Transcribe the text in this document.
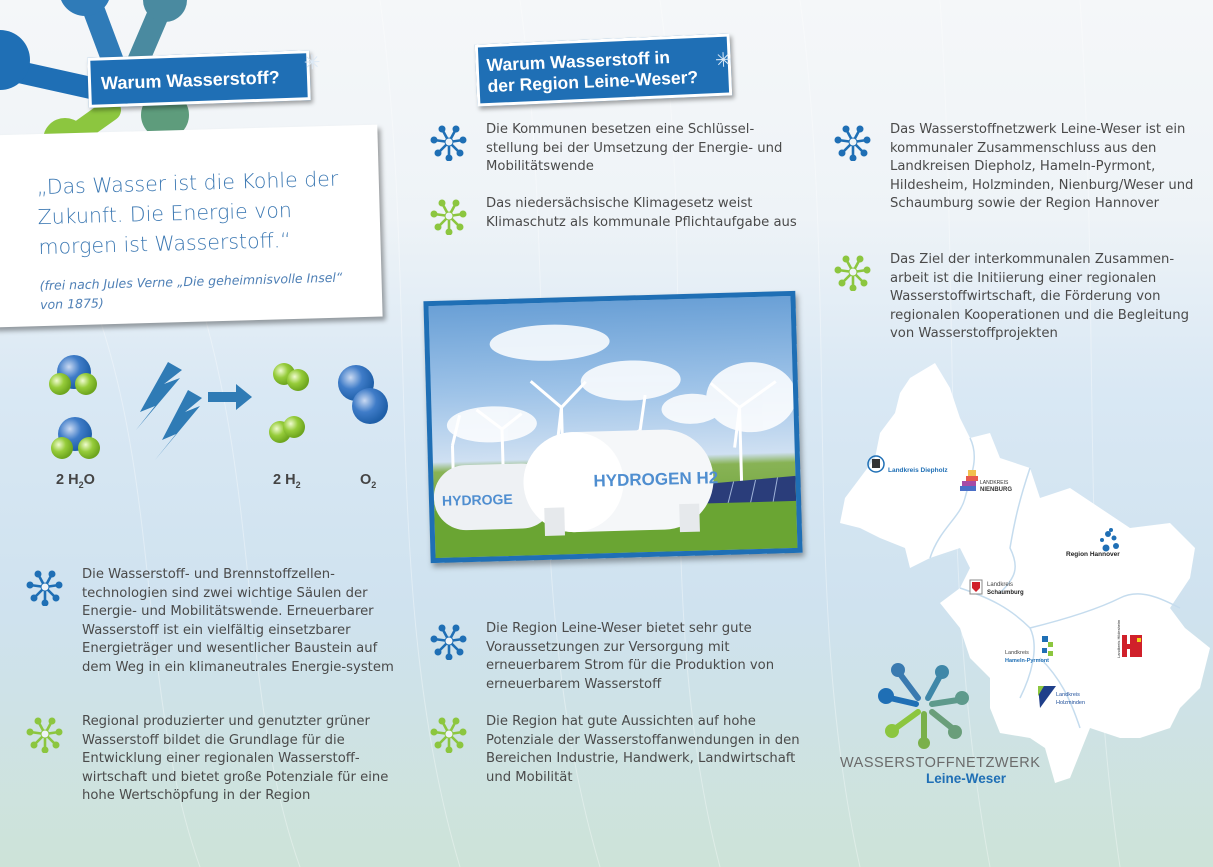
Warum Wasserstoff?
✳
„Das Wasser ist die Kohle der Zukunft. Die Energie von morgen ist Wasserstoff.“
(frei nach Jules Verne „Die geheimnisvolle Insel“ von 1875)
2 $H_2O$	2 $H_2$	$O_2$
Die Wasserstoff- und Brennstoffzellen-technologien sind zwei wichtige Säulen der Energie- und Mobilitätswende. Erneuerbarer Wasserstoff ist ein vielfältig einsetzbarer Energieträger und wesentlicher Baustein auf dem Weg in ein klimaneutrales Energie-system
Regional produzierter und genutzter grüner Wasserstoff bildet die Grundlage für die Entwicklung einer regionalen Wasserstoff-wirtschaft und bietet große Potenziale für eine hohe Wertschöpfung in der Region
Warum Wasserstoff in
der Region Leine-Weser?
✳
Die Kommunen besetzen eine Schlüssel-stellung bei der Umsetzung der Energie- und Mobilitätswende
Das niedersächsische Klimagesetz weist Klimaschutz als kommunale Pflichtaufgabe aus
HYDROGE
HYDROGEN H2
Die Region Leine-Weser bietet sehr gute Voraussetzungen zur Versorgung mit erneuerbarem Strom für die Produktion von erneuerbarem Wasserstoff
Die Region hat gute Aussichten auf hohe Potenziale der Wasserstoffanwendungen in den Bereichen Industrie, Handwerk, Landwirtschaft und Mobilität
Das Wasserstoffnetzwerk Leine-Weser ist ein kommunaler Zusammenschluss aus den Landkreisen Diepholz, Hameln-Pyrmont, Hildesheim, Holzminden, Nienburg/Weser und Schaumburg sowie der Region Hannover
Das Ziel der interkommunalen Zusammen-arbeit ist die Initiierung einer regionalen Wasserstoffwirtschaft, die Förderung von regionalen Kooperationen und die Begleitung von Wasserstoffprojekten
Landkreis Diepholz
LANDKREIS
NIENBURG
Region Hannover
Landkreis
Schaumburg
Landkreis
Hameln-Pyrmont
Landkreis Hildesheim
Landkreis
Holzminden
WASSERSTOFFNETZWERK
Leine-Weser
